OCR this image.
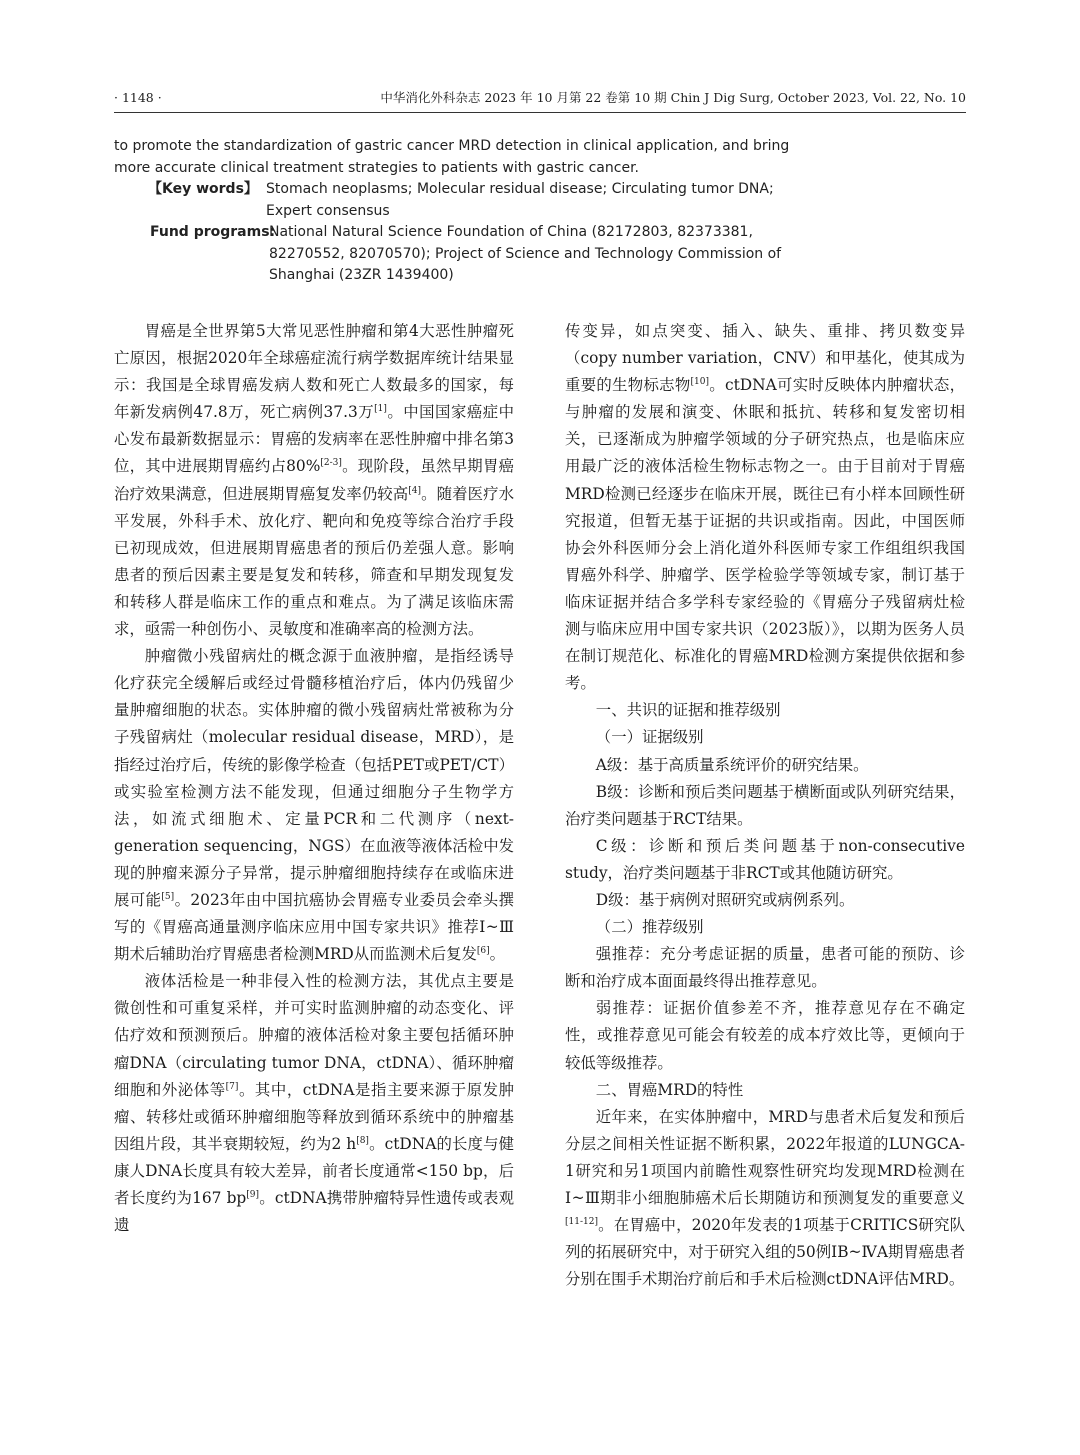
· 1148 ·	中华消化外科杂志 2023 年 10 月第 22 卷第 10 期 Chin J Dig Surg, October 2023, Vol. 22, No. 10

to promote the standardization of gastric cancer MRD detection in clinical application, and bring more accurate clinical treatment strategies to patients with gastric cancer.

【Key words】 Stomach neoplasms; Molecular residual disease; Circulating tumor DNA; Expert consensus
Fund programs:
National Natural Science Foundation of China (82172803, 82373381, 82270552, 82070570); Project of Science and Technology Commission of Shanghai (23ZR 1439400)

胃癌是全世界第5大常见恶性肿瘤和第4大恶性肿瘤死亡原因，根据2020年全球癌症流行病学数据库统计结果显示：我国是全球胃癌发病人数和死亡人数最多的国家，每年新发病例47.8万，死亡病例37.3万[1]。中国国家癌症中心发布最新数据显示：胃癌的发病率在恶性肿瘤中排名第3位，其中进展期胃癌约占80%[2-3]。现阶段，虽然早期胃癌治疗效果满意，但进展期胃癌复发率仍较高[4]。随着医疗水平发展，外科手术、放化疗、靶向和免疫等综合治疗手段已初现成效，但进展期胃癌患者的预后仍差强人意。影响患者的预后因素主要是复发和转移，筛查和早期发现复发和转移人群是临床工作的重点和难点。为了满足该临床需求，亟需一种创伤小、灵敏度和准确率高的检测方法。

肿瘤微小残留病灶的概念源于血液肿瘤，是指经诱导化疗获完全缓解后或经过骨髓移植治疗后，体内仍残留少量肿瘤细胞的状态。实体肿瘤的微小残留病灶常被称为分子残留病灶（molecular residual disease，MRD），是指经过治疗后，传统的影像学检查（包括PET或PET/CT）或实验室检测方法不能发现，但通过细胞分子生物学方法，如流式细胞术、定量PCR和二代测序（next-generation sequencing，NGS）在血液等液体活检中发现的肿瘤来源分子异常，提示肿瘤细胞持续存在或临床进展可能[5]。2023年由中国抗癌协会胃癌专业委员会牵头撰写的《胃癌高通量测序临床应用中国专家共识》推荐Ⅰ~Ⅲ期术后辅助治疗胃癌患者检测MRD从而监测术后复发[6]。

液体活检是一种非侵入性的检测方法，其优点主要是微创性和可重复采样，并可实时监测肿瘤的动态变化、评估疗效和预测预后。肿瘤的液体活检对象主要包括循环肿瘤DNA（circulating tumor DNA，ctDNA）、循环肿瘤细胞和外泌体等[7]。其中，ctDNA是指主要来源于原发肿瘤、转移灶或循环肿瘤细胞等释放到循环系统中的肿瘤基因组片段，其半衰期较短，约为2 h[8]。ctDNA的长度与健康人DNA长度具有较大差异，前者长度通常<150 bp，后者长度约为167 bp[9]。ctDNA携带肿瘤特异性遗传或表观遗

传变异，如点突变、插入、缺失、重排、拷贝数变异（copy number variation，CNV）和甲基化，使其成为重要的生物标志物[10]。ctDNA可实时反映体内肿瘤状态，与肿瘤的发展和演变、休眠和抵抗、转移和复发密切相关，已逐渐成为肿瘤学领域的分子研究热点，也是临床应用最广泛的液体活检生物标志物之一。由于目前对于胃癌MRD检测已经逐步在临床开展，既往已有小样本回顾性研究报道，但暂无基于证据的共识或指南。因此，中国医师协会外科医师分会上消化道外科医师专家工作组组织我国胃癌外科学、肿瘤学、医学检验学等领域专家，制订基于临床证据并结合多学科专家经验的《胃癌分子残留病灶检测与临床应用中国专家共识（2023版）》，以期为医务人员在制订规范化、标准化的胃癌MRD检测方案提供依据和参考。

一、共识的证据和推荐级别

（一）证据级别

A级：基于高质量系统评价的研究结果。

B级：诊断和预后类问题基于横断面或队列研究结果，治疗类问题基于RCT结果。

C级：诊断和预后类问题基于non-consecutive study，治疗类问题基于非RCT或其他随访研究。

D级：基于病例对照研究或病例系列。

（二）推荐级别

强推荐：充分考虑证据的质量，患者可能的预防、诊断和治疗成本面面最终得出推荐意见。

弱推荐：证据价值参差不齐，推荐意见存在不确定性，或推荐意见可能会有较差的成本疗效比等，更倾向于较低等级推荐。

二、胃癌MRD的特性

近年来，在实体肿瘤中，MRD与患者术后复发和预后分层之间相关性证据不断积累，2022年报道的LUNGCA-1研究和另1项国内前瞻性观察性研究均发现MRD检测在Ⅰ~Ⅲ期非小细胞肺癌术后长期随访和预测复发的重要意义[11-12]。在胃癌中，2020年发表的1项基于CRITICS研究队列的拓展研究中，对于研究入组的50例ⅠB~ⅣA期胃癌患者分别在围手术期治疗前后和手术后检测ctDNA评估MRD。
